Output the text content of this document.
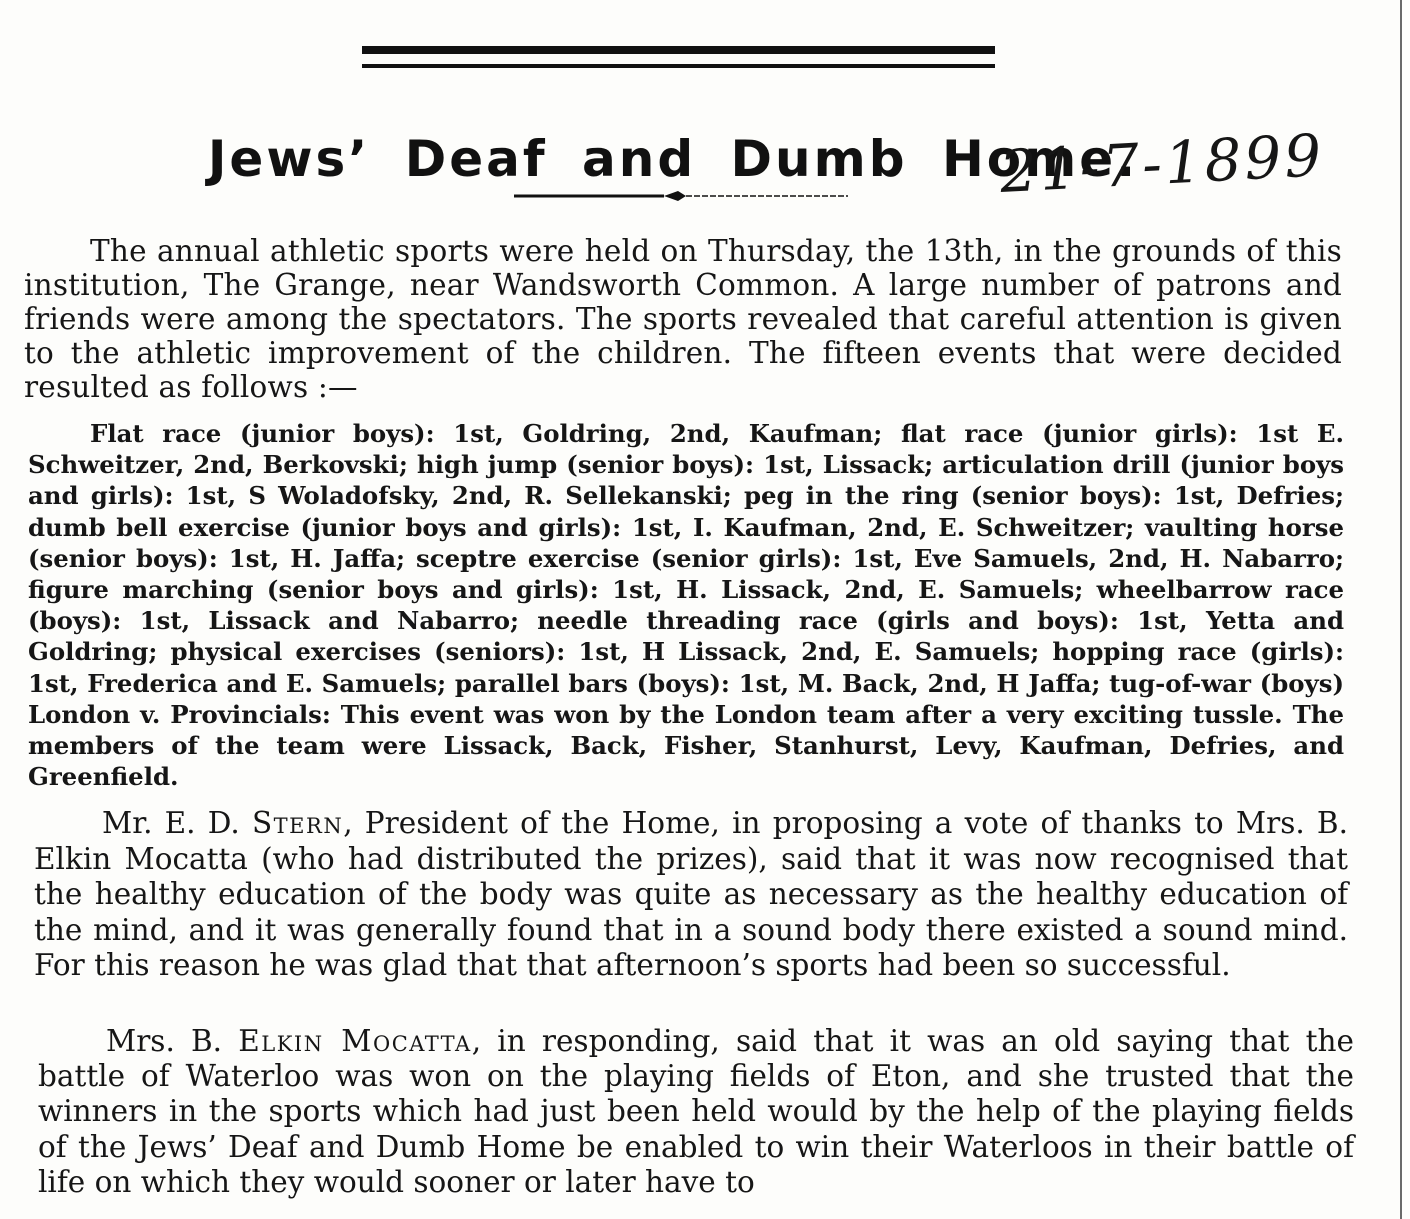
Jews’ Deaf and Dumb Home.
21-7-1899

The annual athletic sports were held on Thursday, the 13th, in the grounds of this institution, The Grange, near Wandsworth Common. A large number of patrons and friends were among the spectators. The sports revealed that careful attention is given to the athletic improvement of the children. The fifteen events that were decided resulted as follows :—

Flat race (junior boys): 1st, Goldring, 2nd, Kaufman; flat race (junior girls): 1st E. Schweitzer, 2nd, Berkovski; high jump (senior boys): 1st, Lissack; articulation drill (junior boys and girls): 1st, S Woladofsky, 2nd, R. Sellekanski; peg in the ring (senior boys): 1st, Defries; dumb bell exercise (junior boys and girls): 1st, I. Kaufman, 2nd, E. Schweitzer; vaulting horse (senior boys): 1st, H. Jaffa; sceptre exercise (senior girls): 1st, Eve Samuels, 2nd, H. Nabarro; figure marching (senior boys and girls): 1st, H. Lissack, 2nd, E. Samuels; wheelbarrow race (boys): 1st, Lissack and Nabarro; needle threading race (girls and boys): 1st, Yetta and Goldring; physical exercises (seniors): 1st, H Lissack, 2nd, E. Samuels; hopping race (girls): 1st, Frederica and E. Samuels; parallel bars (boys): 1st, M. Back, 2nd, H Jaffa; tug-of-war (boys) London v. Provincials: This event was won by the London team after a very exciting tussle. The members of the team were Lissack, Back, Fisher, Stanhurst, Levy, Kaufman, Defries, and Greenfield.

Mr. E. D. Stern, President of the Home, in proposing a vote of thanks to Mrs. B. Elkin Mocatta (who had distributed the prizes), said that it was now recognised that the healthy education of the body was quite as necessary as the healthy education of the mind, and it was generally found that in a sound body there existed a sound mind. For this reason he was glad that that afternoon’s sports had been so successful.

Mrs. B. Elkin Mocatta, in responding, said that it was an old saying that the battle of Waterloo was won on the playing fields of Eton, and she trusted that the winners in the sports which had just been held would by the help of the playing fields of the Jews’ Deaf and Dumb Home be enabled to win their Waterloos in their battle of life on which they would sooner or later have to
